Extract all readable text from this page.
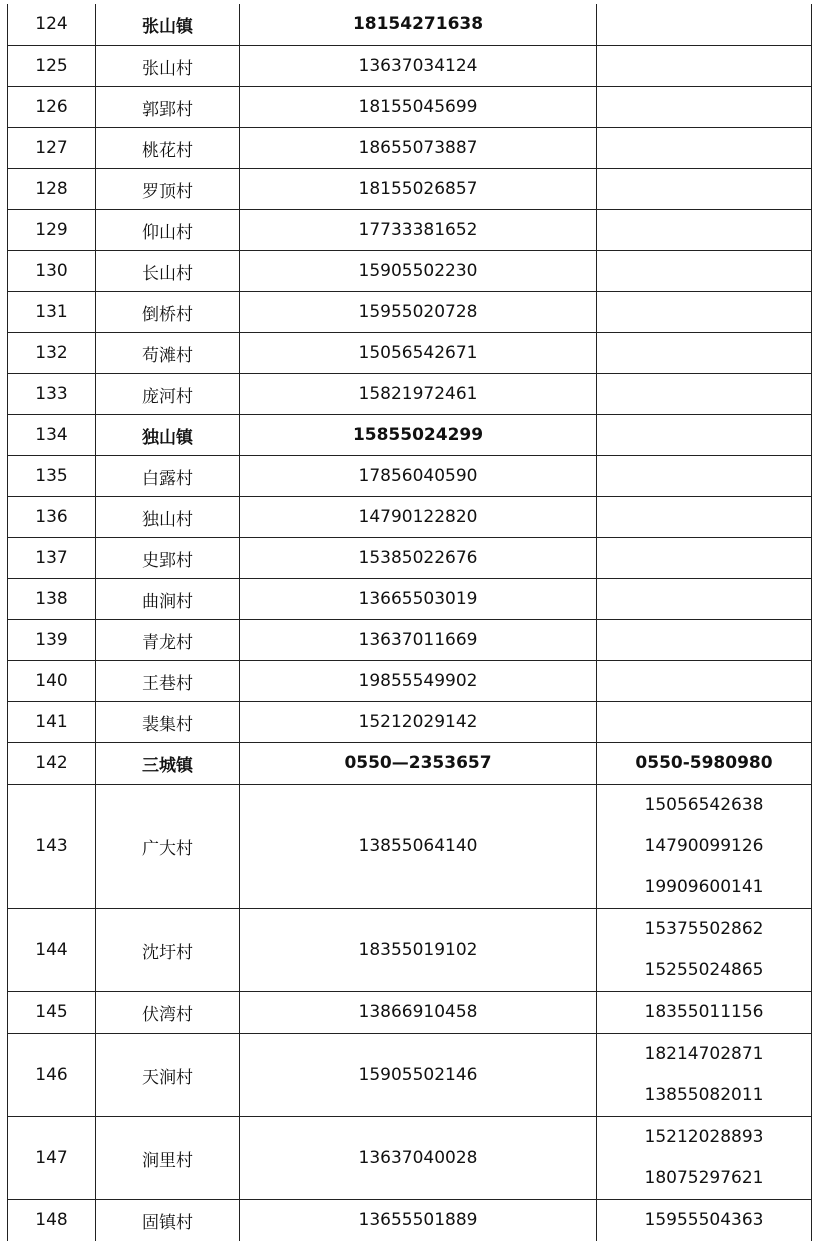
124	张山镇	18154271638	
125	张山村	13637034124	
126	郭郢村	18155045699	
127	桃花村	18655073887	
128	罗顶村	18155026857	
129	仰山村	17733381652	
130	长山村	15905502230	
131	倒桥村	15955020728	
132	苟滩村	15056542671	
133	庞河村	15821972461	
134	独山镇	15855024299	
135	白露村	17856040590	
136	独山村	14790122820	
137	史郢村	15385022676	
138	曲涧村	13665503019	
139	青龙村	13637011669	
140	王巷村	19855549902	
141	裴集村	15212029142	
142	三城镇	0550—2353657	0550-5980980

143	广大村	13855064140	15056542638
14790099126
19909600141

144	沈圩村	18355019102	15375502862
15255024865

145	伏湾村	13866910458	18355011156

146	天涧村	15905502146	18214702871
13855082011

147	涧里村	13637040028	15212028893
18075297621

148	固镇村	13655501889	15955504363
